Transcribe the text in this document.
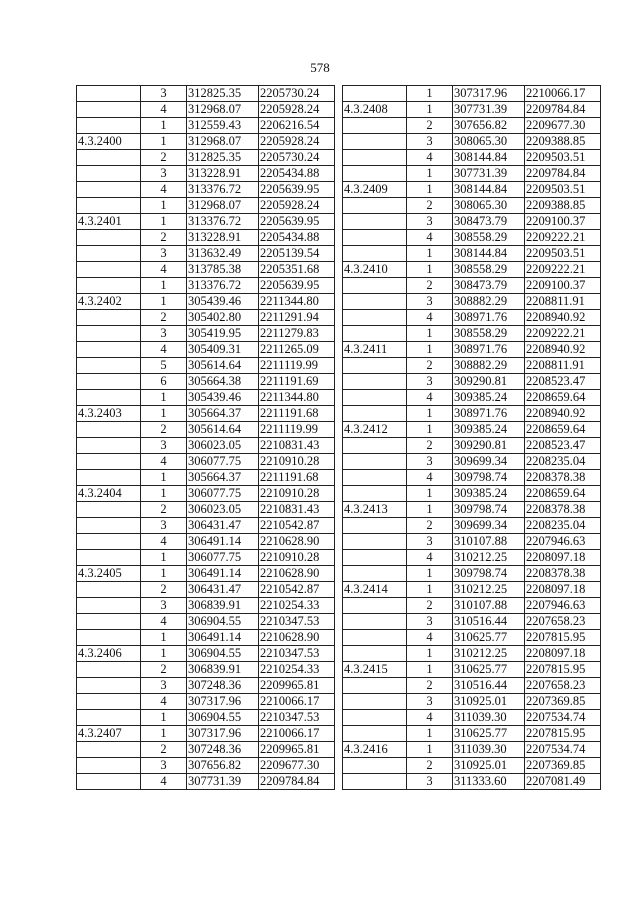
578
	3	312825.35	2205730.24
	4	312968.07	2205928.24
	1	312559.43	2206216.54
4.3.2400	1	312968.07	2205928.24
	2	312825.35	2205730.24
	3	313228.91	2205434.88
	4	313376.72	2205639.95
	1	312968.07	2205928.24
4.3.2401	1	313376.72	2205639.95
	2	313228.91	2205434.88
	3	313632.49	2205139.54
	4	313785.38	2205351.68
	1	313376.72	2205639.95
4.3.2402	1	305439.46	2211344.80
	2	305402.80	2211291.94
	3	305419.95	2211279.83
	4	305409.31	2211265.09
	5	305614.64	2211119.99
	6	305664.38	2211191.69
	1	305439.46	2211344.80
4.3.2403	1	305664.37	2211191.68
	2	305614.64	2211119.99
	3	306023.05	2210831.43
	4	306077.75	2210910.28
	1	305664.37	2211191.68
4.3.2404	1	306077.75	2210910.28
	2	306023.05	2210831.43
	3	306431.47	2210542.87
	4	306491.14	2210628.90
	1	306077.75	2210910.28
4.3.2405	1	306491.14	2210628.90
	2	306431.47	2210542.87
	3	306839.91	2210254.33
	4	306904.55	2210347.53
	1	306491.14	2210628.90
4.3.2406	1	306904.55	2210347.53
	2	306839.91	2210254.33
	3	307248.36	2209965.81
	4	307317.96	2210066.17
	1	306904.55	2210347.53
4.3.2407	1	307317.96	2210066.17
	2	307248.36	2209965.81
	3	307656.82	2209677.30
	4	307731.39	2209784.84
	1	307317.96	2210066.17
4.3.2408	1	307731.39	2209784.84
	2	307656.82	2209677.30
	3	308065.30	2209388.85
	4	308144.84	2209503.51
	1	307731.39	2209784.84
4.3.2409	1	308144.84	2209503.51
	2	308065.30	2209388.85
	3	308473.79	2209100.37
	4	308558.29	2209222.21
	1	308144.84	2209503.51
4.3.2410	1	308558.29	2209222.21
	2	308473.79	2209100.37
	3	308882.29	2208811.91
	4	308971.76	2208940.92
	1	308558.29	2209222.21
4.3.2411	1	308971.76	2208940.92
	2	308882.29	2208811.91
	3	309290.81	2208523.47
	4	309385.24	2208659.64
	1	308971.76	2208940.92
4.3.2412	1	309385.24	2208659.64
	2	309290.81	2208523.47
	3	309699.34	2208235.04
	4	309798.74	2208378.38
	1	309385.24	2208659.64
4.3.2413	1	309798.74	2208378.38
	2	309699.34	2208235.04
	3	310107.88	2207946.63
	4	310212.25	2208097.18
	1	309798.74	2208378.38
4.3.2414	1	310212.25	2208097.18
	2	310107.88	2207946.63
	3	310516.44	2207658.23
	4	310625.77	2207815.95
	1	310212.25	2208097.18
4.3.2415	1	310625.77	2207815.95
	2	310516.44	2207658.23
	3	310925.01	2207369.85
	4	311039.30	2207534.74
	1	310625.77	2207815.95
4.3.2416	1	311039.30	2207534.74
	2	310925.01	2207369.85
	3	311333.60	2207081.49
